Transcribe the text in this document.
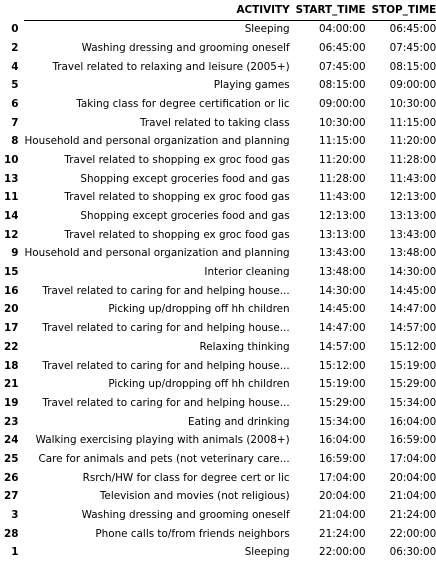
	ACTIVITY	START_TIME	STOP_TIME
0	Sleeping	04:00:00	06:45:00
2	Washing dressing and grooming oneself	06:45:00	07:45:00
4	Travel related to relaxing and leisure (2005+)	07:45:00	08:15:00
5	Playing games	08:15:00	09:00:00
6	Taking class for degree certification or lic	09:00:00	10:30:00
7	Travel related to taking class	10:30:00	11:15:00
8	Household and personal organization and planning	11:15:00	11:20:00
10	Travel related to shopping ex groc food gas	11:20:00	11:28:00
13	Shopping except groceries food and gas	11:28:00	11:43:00
11	Travel related to shopping ex groc food gas	11:43:00	12:13:00
14	Shopping except groceries food and gas	12:13:00	13:13:00
12	Travel related to shopping ex groc food gas	13:13:00	13:43:00
9	Household and personal organization and planning	13:43:00	13:48:00
15	Interior cleaning	13:48:00	14:30:00
16	Travel related to caring for and helping house...	14:30:00	14:45:00
20	Picking up/dropping off hh children	14:45:00	14:47:00
17	Travel related to caring for and helping house...	14:47:00	14:57:00
22	Relaxing thinking	14:57:00	15:12:00
18	Travel related to caring for and helping house...	15:12:00	15:19:00
21	Picking up/dropping off hh children	15:19:00	15:29:00
19	Travel related to caring for and helping house...	15:29:00	15:34:00
23	Eating and drinking	15:34:00	16:04:00
24	Walking exercising playing with animals (2008+)	16:04:00	16:59:00
25	Care for animals and pets (not veterinary care...	16:59:00	17:04:00
26	Rsrch/HW for class for degree cert or lic	17:04:00	20:04:00
27	Television and movies (not religious)	20:04:00	21:04:00
3	Washing dressing and grooming oneself	21:04:00	21:24:00
28	Phone calls to/from friends neighbors	21:24:00	22:00:00
1	Sleeping	22:00:00	06:30:00
